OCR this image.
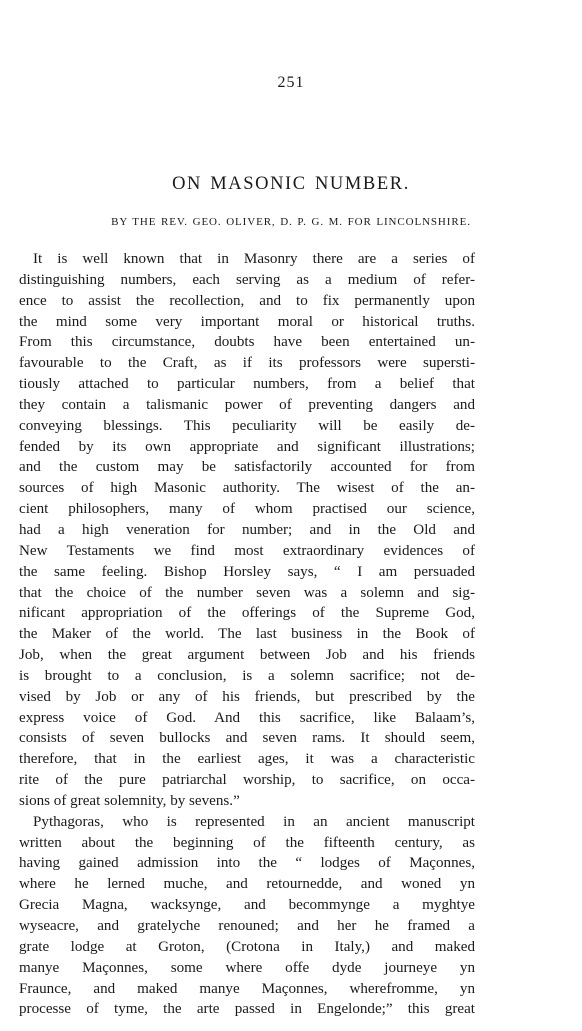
251
ON MASONIC NUMBER.
BY THE REV. GEO. OLIVER, D. P. G. M. FOR LINCOLNSHIRE.
It is well known that in Masonry there are a series of
distinguishing numbers, each serving as a medium of refer-
ence to assist the recollection, and to fix permanently upon
the mind some very important moral or historical truths.
From this circumstance, doubts have been entertained un-
favourable to the Craft, as if its professors were supersti-
tiously attached to particular numbers, from a belief that
they contain a talismanic power of preventing dangers and
conveying blessings. This peculiarity will be easily de-
fended by its own appropriate and significant illustrations;
and the custom may be satisfactorily accounted for from
sources of high Masonic authority. The wisest of the an-
cient philosophers, many of whom practised our science,
had a high veneration for number; and in the Old and
New Testaments we find most extraordinary evidences of
the same feeling. Bishop Horsley says, “ I am persuaded
that the choice of the number seven was a solemn and sig-
nificant appropriation of the offerings of the Supreme God,
the Maker of the world. The last business in the Book of
Job, when the great argument between Job and his friends
is brought to a conclusion, is a solemn sacrifice; not de-
vised by Job or any of his friends, but prescribed by the
express voice of God. And this sacrifice, like Balaam’s,
consists of seven bullocks and seven rams. It should seem,
therefore, that in the earliest ages, it was a characteristic
rite of the pure patriarchal worship, to sacrifice, on occa-
sions of great solemnity, by sevens.”
Pythagoras, who is represented in an ancient manuscript
written about the beginning of the fifteenth century, as
having gained admission into the “ lodges of Maçonnes,
where he lerned muche, and retournedde, and woned yn
Grecia Magna, wacksynge, and becommynge a myghtye
wyseacre, and gratelyche renouned; and her he framed a
grate lodge at Groton, (Crotona in Italy,) and maked
manye Maçonnes, some where offe dyde journeye yn
Fraunce, and maked manye Maçonnes, wherefromme, yn
processe of tyme, the arte passed in Engelonde;” this great
